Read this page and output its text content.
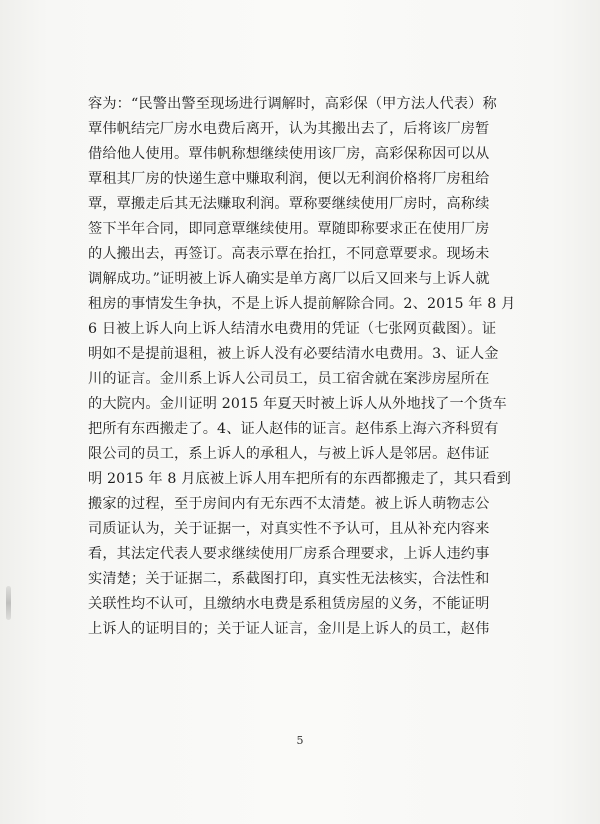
容为：“民警出警至现场进行调解时，高彩保（甲方法人代表）称
覃伟帆结完厂房水电费后离开，认为其搬出去了，后将该厂房暂
借给他人使用。覃伟帆称想继续使用该厂房，高彩保称因可以从
覃租其厂房的快递生意中赚取利润，便以无利润价格将厂房租给
覃，覃搬走后其无法赚取利润。覃称要继续使用厂房时，高称续
签下半年合同，即同意覃继续使用。覃随即称要求正在使用厂房
的人搬出去，再签订。高表示覃在抬扛，不同意覃要求。现场未
调解成功。”证明被上诉人确实是单方离厂以后又回来与上诉人就
租房的事情发生争执，不是上诉人提前解除合同。2、2015 年 8 月
6 日被上诉人向上诉人结清水电费用的凭证（七张网页截图）。证
明如不是提前退租，被上诉人没有必要结清水电费用。3、证人金
川的证言。金川系上诉人公司员工，员工宿舍就在案涉房屋所在
的大院内。金川证明 2015 年夏天时被上诉人从外地找了一个货车
把所有东西搬走了。4、证人赵伟的证言。赵伟系上海六齐科贸有
限公司的员工，系上诉人的承租人，与被上诉人是邻居。赵伟证
明 2015 年 8 月底被上诉人用车把所有的东西都搬走了，其只看到
搬家的过程，至于房间内有无东西不太清楚。被上诉人萌物志公
司质证认为，关于证据一，对真实性不予认可，且从补充内容来
看，其法定代表人要求继续使用厂房系合理要求，上诉人违约事
实清楚；关于证据二，系截图打印，真实性无法核实，合法性和
关联性均不认可，且缴纳水电费是系租赁房屋的义务，不能证明
上诉人的证明目的；关于证人证言，金川是上诉人的员工，赵伟
5
